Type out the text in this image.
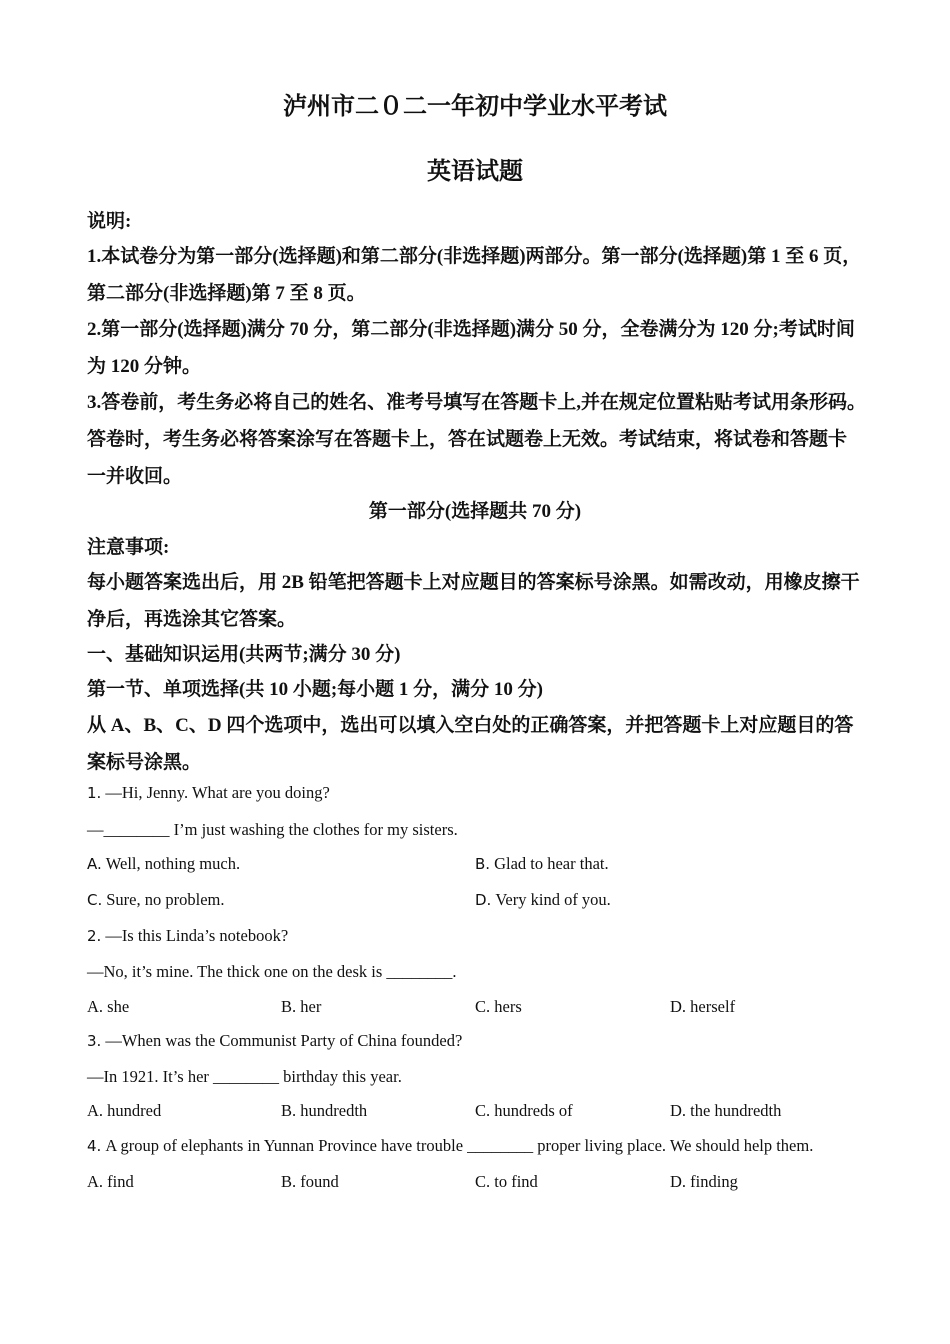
泸州市二０二一年初中学业水平考试
英语试题
说明:
1.本试卷分为第一部分(选择题)和第二部分(非选择题)两部分。第一部分(选择题)第 1 至 6 页，
第二部分(非选择题)第 7 至 8 页。
2.第一部分(选择题)满分 70 分，第二部分(非选择题)满分 50 分，全卷满分为 120 分;考试时间
为 120 分钟。
3.答卷前，考生务必将自己的姓名、准考号填写在答题卡上,并在规定位置粘贴考试用条形码。
答卷时，考生务必将答案涂写在答题卡上，答在试题卷上无效。考试结束，将试卷和答题卡
一并收回。
第一部分(选择题共 70 分)
注意事项:
每小题答案选出后，用 2B 铅笔把答题卡上对应题目的答案标号涂黑。如需改动，用橡皮擦干
净后，再选涂其它答案。
一、基础知识运用(共两节;满分 30 分)
第一节、单项选择(共 10 小题;每小题 1 分，满分 10 分)
从 A、B、C、D 四个选项中，选出可以填入空白处的正确答案，并把答题卡上对应题目的答
案标号涂黑。
1. —Hi, Jenny. What are you doing?
—________ I’m just washing the clothes for my sisters.
A. Well, nothing much.	B. Glad to hear that.
C. Sure, no problem.	D. Very kind of you.
2. —Is this Linda’s notebook?
—No, it’s mine. The thick one on the desk is ________.
A. she	B. her	C. hers	D. herself
3. —When was the Communist Party of China founded?
—In 1921. It’s her ________ birthday this year.
A. hundred	B. hundredth	C. hundreds of	D. the hundredth
4. A group of elephants in Yunnan Province have trouble ________ proper living place. We should help them.
A. find	B. found	C. to find	D. finding
